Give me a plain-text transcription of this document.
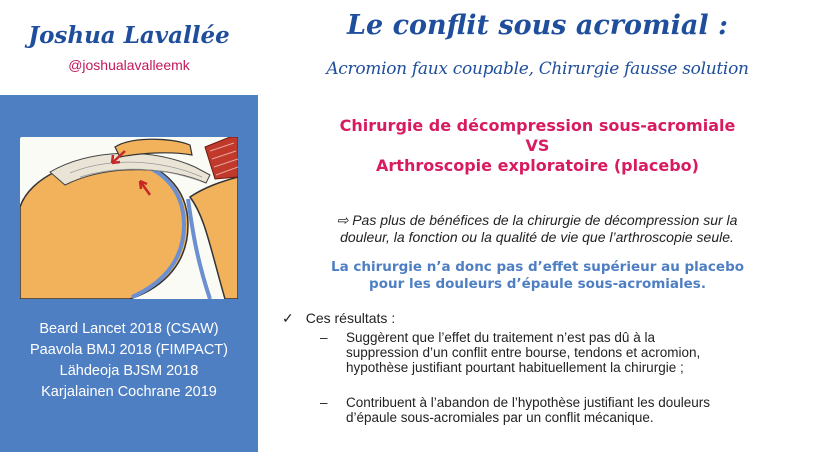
Joshua Lavallée
@joshualavalleemk
Beard Lancet 2018 (CSAW)
Paavola BMJ 2018 (FIMPACT)
Lähdeoja BJSM 2018
Karjalainen Cochrane 2019
Le conflit sous acromial :
Acromion faux coupable, Chirurgie fausse solution
Chirurgie de décompression sous-acromiale
VS
Arthroscopie exploratoire (placebo)
⇨ Pas plus de bénéfices de la chirurgie de décompression sur la
douleur, la fonction ou la qualité de vie que l’arthroscopie seule.
La chirurgie n’a donc pas d’effet supérieur au placebo
pour les douleurs d’épaule sous-acromiales.
✓ Ces résultats :
–	Suggèrent que l’effet du traitement n’est pas dû à la
suppression d’un conflit entre bourse, tendons et acromion,
hypothèse justifiant pourtant habituellement la chirurgie ;
–	Contribuent à l’abandon de l’hypothèse justifiant les douleurs
d’épaule sous-acromiales par un conflit mécanique.
